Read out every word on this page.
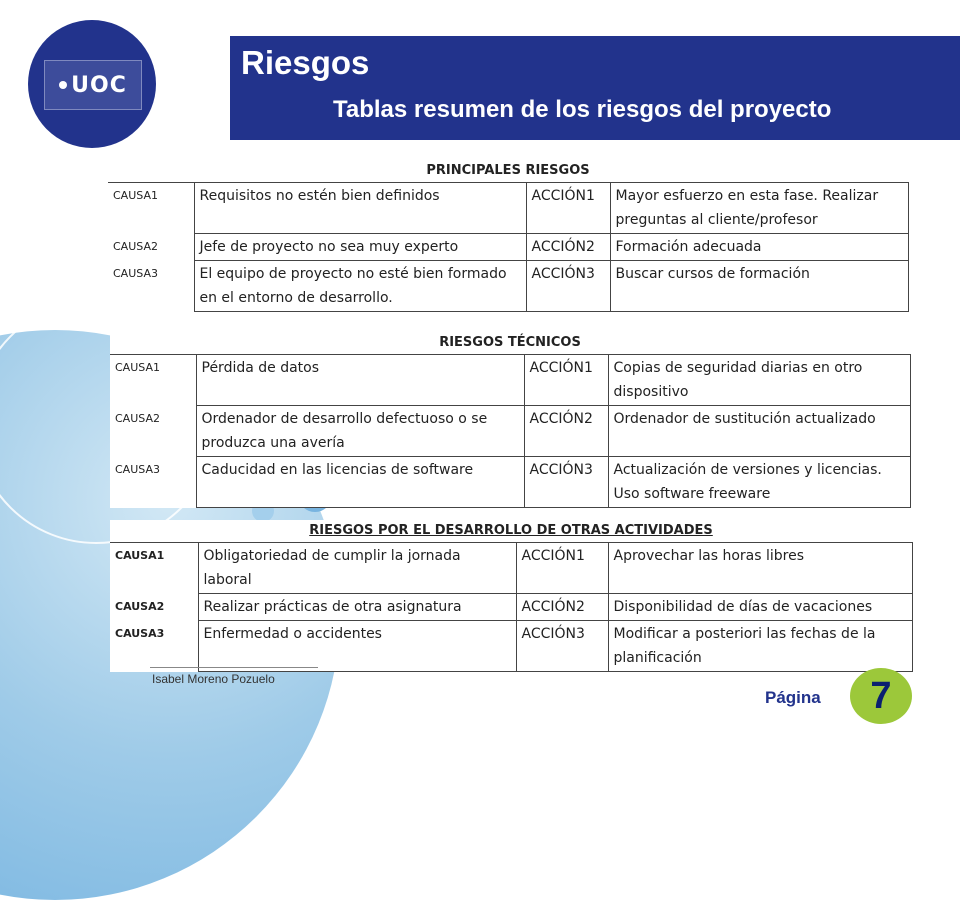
UOC
Riesgos
Tablas resumen de los riesgos del proyecto
PRINCIPALES RIESGOS			
CAUSA1	Requisitos no estén bien definidos	ACCIÓN1	Mayor esfuerzo en esta fase. Realizar preguntas al cliente/profesor
CAUSA2	Jefe de proyecto no sea muy experto	ACCIÓN2	Formación adecuada
CAUSA3	El equipo de proyecto no esté bien formado en el entorno de desarrollo.	ACCIÓN3	Buscar cursos de formación
RIESGOS TÉCNICOS			
CAUSA1	Pérdida de datos	ACCIÓN1	Copias de seguridad diarias en otro dispositivo
CAUSA2	Ordenador de desarrollo defectuoso o se produzca una avería	ACCIÓN2	Ordenador de sustitución actualizado
CAUSA3	Caducidad en las licencias de software	ACCIÓN3	Actualización de versiones y licencias. Uso software freeware
RIESGOS POR EL DESARROLLO DE OTRAS ACTIVIDADES			
CAUSA1	Obligatoriedad de cumplir la jornada laboral	ACCIÓN1	Aprovechar las horas libres
CAUSA2	Realizar prácticas de otra asignatura	ACCIÓN2	Disponibilidad de días de vacaciones
CAUSA3	Enfermedad o accidentes	ACCIÓN3	Modificar a posteriori las fechas de la planificación
Isabel Moreno Pozuelo
Página	7
